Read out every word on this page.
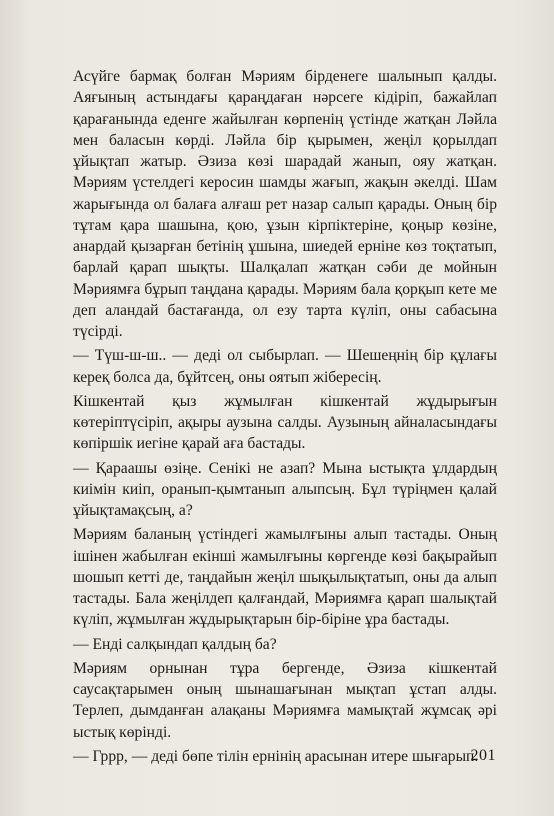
Асүйге бармақ болған Мәриям бірденеге шалынып қалды. Аяғының астындағы қараңдаған нәрсеге кідіріп, бажайлап қарағанында еденге жайылған көрпенің үстінде жатқан Ләйла мен баласын көрді. Ләйла бір қырымен, жеңіл қорылдап ұйықтап жатыр. Әзиза көзі шарадай жанып, ояу жатқан. Мәриям үстелдегі керосин шамды жағып, жақын әкелді. Шам жарығында ол балаға алғаш рет назар салып қарады. Оның бір тұтам қара шашына, қою, ұзын кірпіктеріне, қоңыр көзіне, анардай қызарған бетінің ұшына, шиедей ерніне көз тоқтатып, барлай қарап шықты. Шалқалап жатқан сәби де мойнын Мәриямға бұрып таңдана қарады. Мәриям бала қорқып кете ме деп аландай бастағанда, ол езу тарта күліп, оны сабасына түсірді.

— Түш-ш-ш.. — деді ол сыбырлап. — Шешеңнің бір құлағы кереқ болса да, бұйтсең, оны оятып жібересің.

Кішкентай қыз жұмылған кішкентай жұдырығын көтеріптүсіріп, ақыры аузына салды. Аузының айналасындағы көпіршік иегіне қарай аға бастады.

— Қараашы өзіңе. Сенікі не азап? Мына ыстықта ұлдардың киімін киіп, оранып-қымтанып алыпсың. Бұл түріңмен қалай ұйықтамақсың, а?

Мәриям баланың үстіндегі жамылғыны алып тастады. Оның ішінен жабылған екінші жамылғыны көргенде көзі бақырайып шошып кетті де, таңдайын жеңіл шықылықтатып, оны да алып тастады. Бала жеңілдеп қалғандай, Мәриямға қарап шалықтай күліп, жұмылған жұдырықтарын бір-біріне ұра бастады.

— Енді салқындап қалдың ба?

Мәриям орнынан тұра бергенде, Әзиза кішкентай саусақтарымен оның шынашағынан мықтап ұстап алды. Терлеп, дымданған алақаны Мәриямға мамықтай жұмсақ әрі ыстық көрінді.

— Гррр, — деді бөпе тілін ернінің арасынан итере шығарып.

201
